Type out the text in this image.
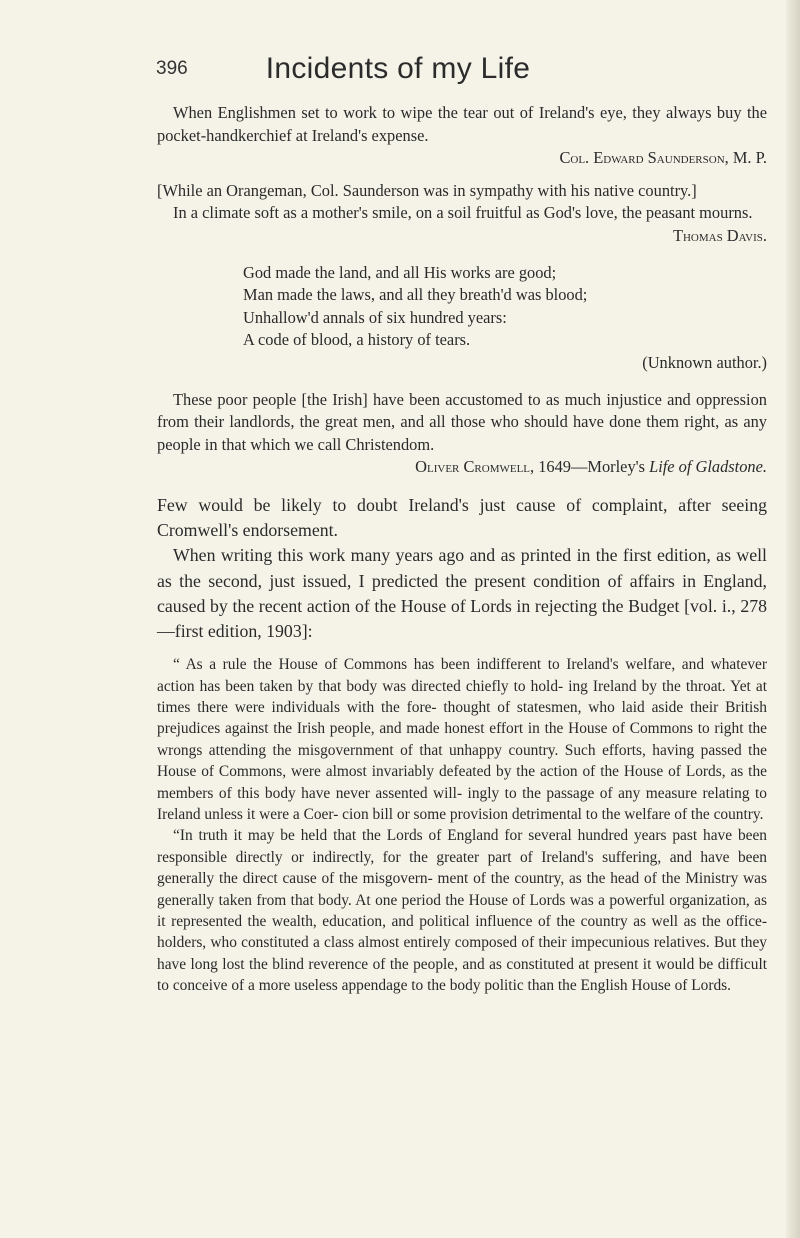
396	Incidents of my Life

When Englishmen set to work to wipe the tear out of Ireland's eye, they always buy the pocket-handkerchief at Ireland's expense.

Col. Edward Saunderson, M. P.

[While an Orangeman, Col. Saunderson was in sympathy with his native country.]

In a climate soft as a mother's smile, on a soil fruitful as God's love, the peasant mourns.
Thomas Davis.

God made the land, and all His works are good;
Man made the laws, and all they breath'd was blood;
Unhallow'd annals of six hundred years:
A code of blood, a history of tears.
(Unknown author.)

These poor people [the Irish] have been accustomed to as much injustice and oppression from their landlords, the great men, and all those who should have done them right, as any people in that which we call Christendom.

Oliver Cromwell, 1649—Morley's Life of Gladstone.

Few would be likely to doubt Ireland's just cause of complaint, after seeing Cromwell's endorsement.

When writing this work many years ago and as printed in the first edition, as well as the second, just issued, I predicted the present condition of affairs in England, caused by the recent action of the House of Lords in rejecting the Budget [vol. i., 278—first edition, 1903]:

“ As a rule the House of Commons has been indifferent to Ireland's welfare, and whatever action has been taken by that body was directed chiefly to hold- ing Ireland by the throat. Yet at times there were individuals with the fore- thought of statesmen, who laid aside their British prejudices against the Irish people, and made honest effort in the House of Commons to right the wrongs attending the misgovernment of that unhappy country. Such efforts, having passed the House of Commons, were almost invariably defeated by the action of the House of Lords, as the members of this body have never assented will- ingly to the passage of any measure relating to Ireland unless it were a Coer- cion bill or some provision detrimental to the welfare of the country.

“In truth it may be held that the Lords of England for several hundred years past have been responsible directly or indirectly, for the greater part of Ireland's suffering, and have been generally the direct cause of the misgovern- ment of the country, as the head of the Ministry was generally taken from that body. At one period the House of Lords was a powerful organization, as it represented the wealth, education, and political influence of the country as well as the office-holders, who constituted a class almost entirely composed of their impecunious relatives. But they have long lost the blind reverence of the people, and as constituted at present it would be difficult to conceive of a more useless appendage to the body politic than the English House of Lords.
